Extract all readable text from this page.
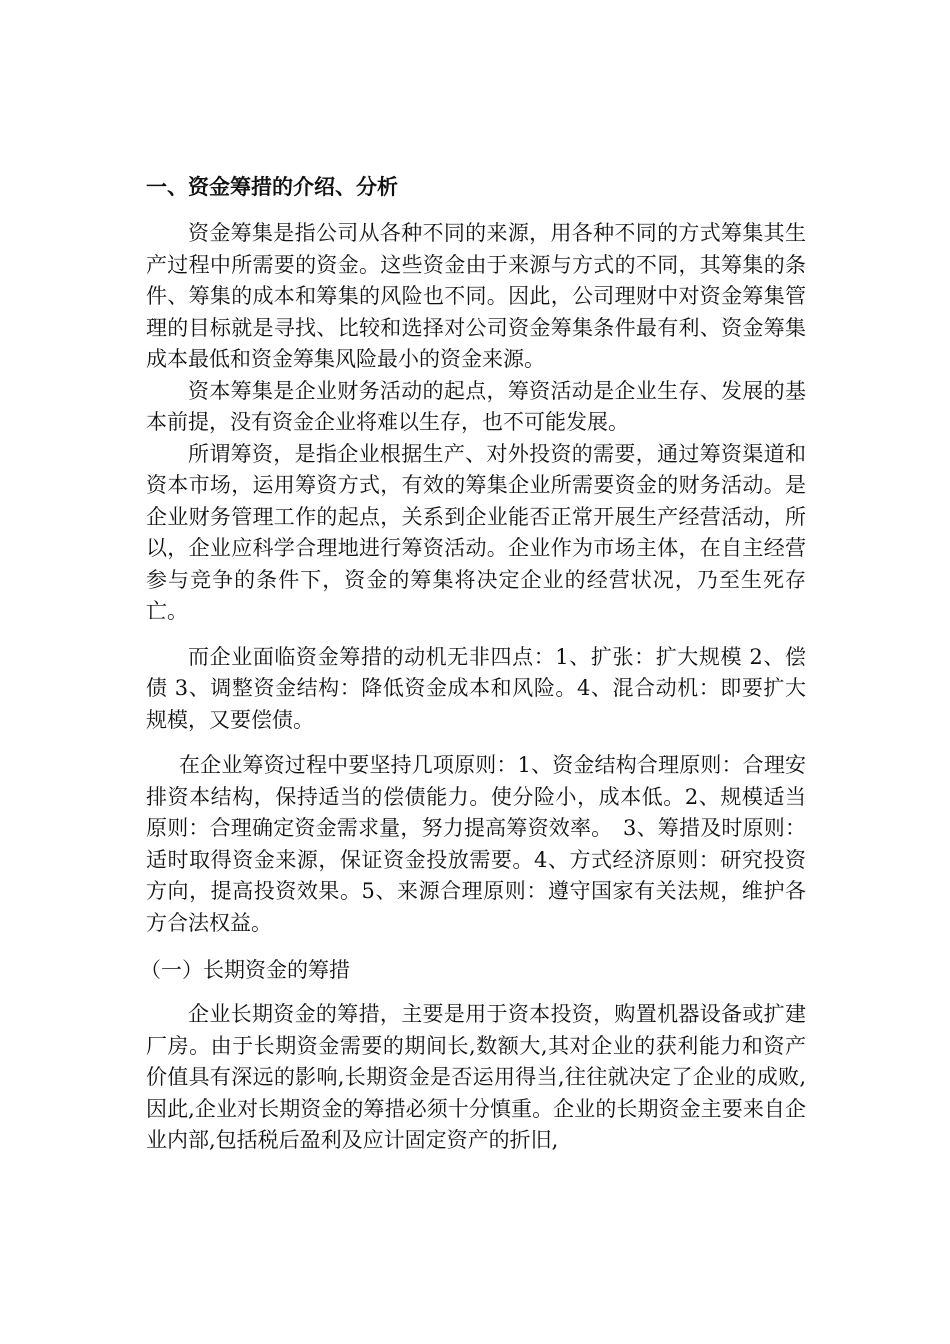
一、资金筹措的介绍、分析

资金筹集是指公司从各种不同的来源，用各种不同的方式筹集其生产过程中所需要的资金。这些资金由于来源与方式的不同，其筹集的条件、筹集的成本和筹集的风险也不同。因此，公司理财中对资金筹集管理的目标就是寻找、比较和选择对公司资金筹集条件最有利、资金筹集成本最低和资金筹集风险最小的资金来源。

资本筹集是企业财务活动的起点，筹资活动是企业生存、发展的基本前提，没有资金企业将难以生存，也不可能发展。

所谓筹资，是指企业根据生产、对外投资的需要，通过筹资渠道和资本市场，运用筹资方式，有效的筹集企业所需要资金的财务活动。是企业财务管理工作的起点，关系到企业能否正常开展生产经营活动，所以，企业应科学合理地进行筹资活动。企业作为市场主体，在自主经营参与竞争的条件下，资金的筹集将决定企业的经营状况，乃至生死存亡。

而企业面临资金筹措的动机无非四点：1、扩张：扩大规模 2、偿债 3、调整资金结构：降低资金成本和风险。4、混合动机：即要扩大规模，又要偿债。

在企业筹资过程中要坚持几项原则：1、资金结构合理原则：合理安排资本结构，保持适当的偿债能力。使分险小，成本低。2、规模适当原则：合理确定资金需求量，努力提高筹资效率。　3、筹措及时原则：适时取得资金来源，保证资金投放需要。4、方式经济原则：研究投资方向，提高投资效果。5、来源合理原则：遵守国家有关法规，维护各方合法权益。

（一）长期资金的筹措

企业长期资金的筹措，主要是用于资本投资，购置机器设备或扩建厂房。由于长期资金需要的期间长,数额大,其对企业的获利能力和资产价值具有深远的影响,长期资金是否运用得当,往往就决定了企业的成败,因此,企业对长期资金的筹措必须十分慎重。企业的长期资金主要来自企业内部,包括税后盈利及应计固定资产的折旧,
